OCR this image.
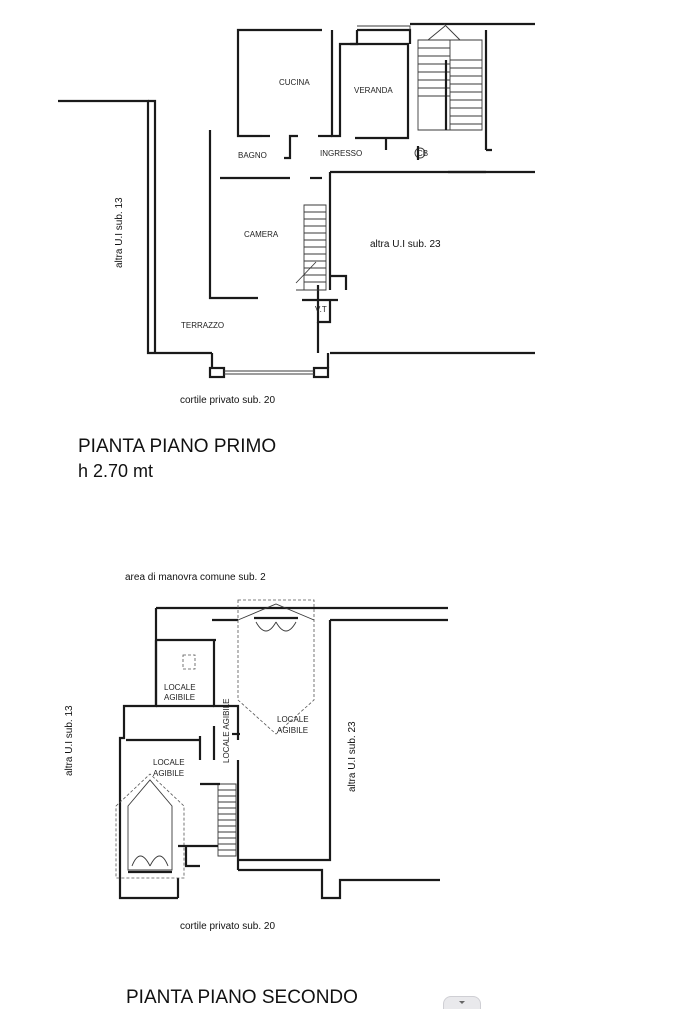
CUCINA
VERANDA
BAGNO	INGRESSO	CB
CAMERA
TERRAZZO
V.T
altra U.I sub. 13	altra U.I sub. 23
cortile privato sub. 20
area di manovra comune sub. 2
altra U.I sub. 13	altra U.I sub. 23
cortile privato sub. 20
LOCALE
AGIBILE
LOCALE
AGIBILE
LOCALE
AGIBILE
LOCALE AGIBILE
PIANTA PIANO PRIMO
h 2.70 mt
PIANTA PIANO SECONDO
